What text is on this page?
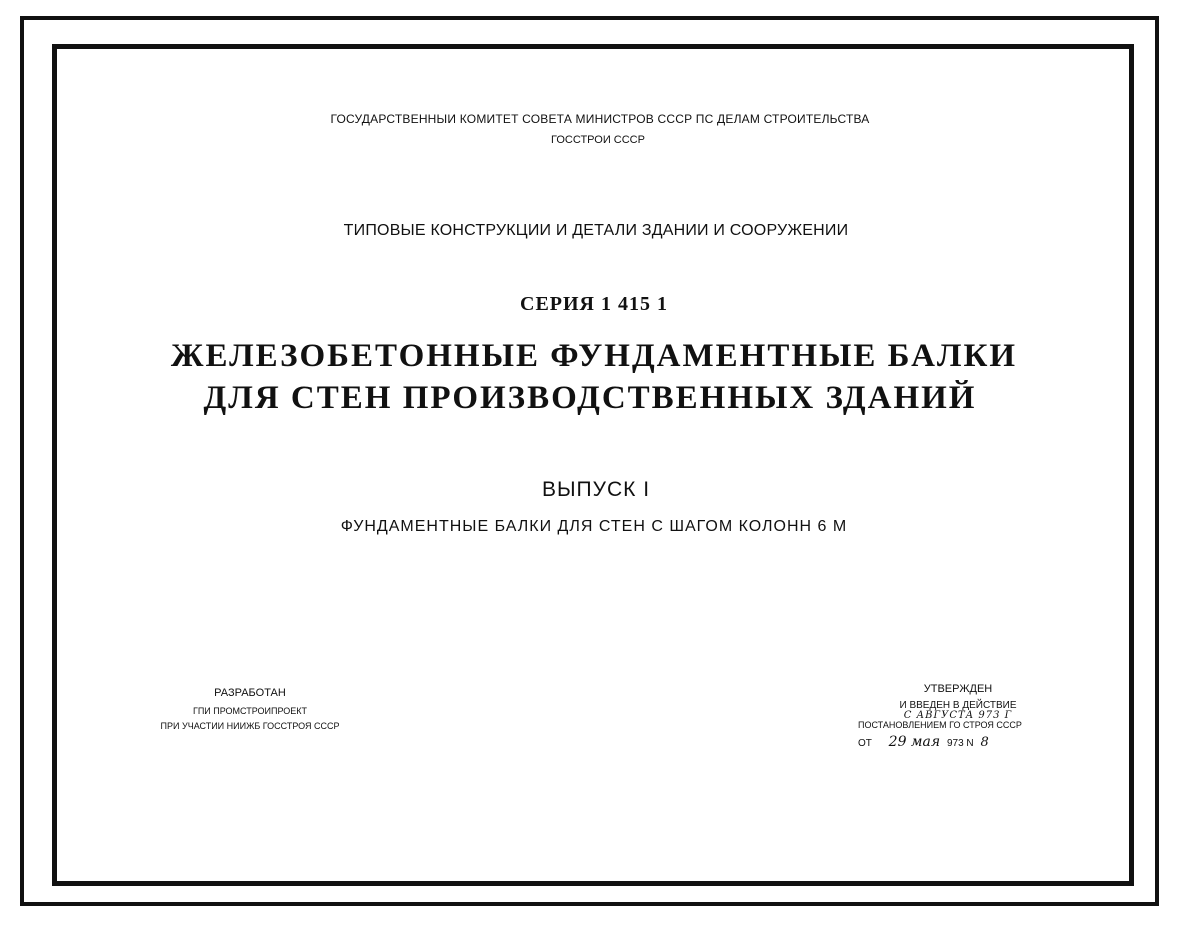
ГОСУДАРСТВЕННЫИ КОМИТЕТ СОВЕТА МИНИСТРОВ СССР ПС ДЕЛАМ СТРОИТЕЛЬСТВА
ГОССТРОИ СССР
ТИПОВЫЕ КОНСТРУКЦИИ И ДЕТАЛИ ЗДАНИИ И СООРУЖЕНИИ
СЕРИЯ 1 415 1
ЖЕЛЕЗОБЕТОННЫЕ ФУНДАМЕНТНЫЕ БАЛКИ
ДЛЯ СТЕН ПРОИЗВОДСТВЕННЫХ ЗДАНИЙ
ВЫПУСК I
ФУНДАМЕНТНЫЕ БАЛКИ ДЛЯ СТЕН С ШАГОМ КОЛОНН 6 М
РАЗРАБОТАН
ГПИ ПРОМСТРОИПРОЕКТ
ПРИ УЧАСТИИ НИИЖБ ГОССТРОЯ СССР
УТВЕРЖДЕН
И ВВЕДЕН В ДЕЙСТВИЕ
С АВГУСТА 973 Г
ПОСТАНОВЛЕНИЕМ ГО СТРОЯ СССР
ОТ 29 мая 973 N 8
